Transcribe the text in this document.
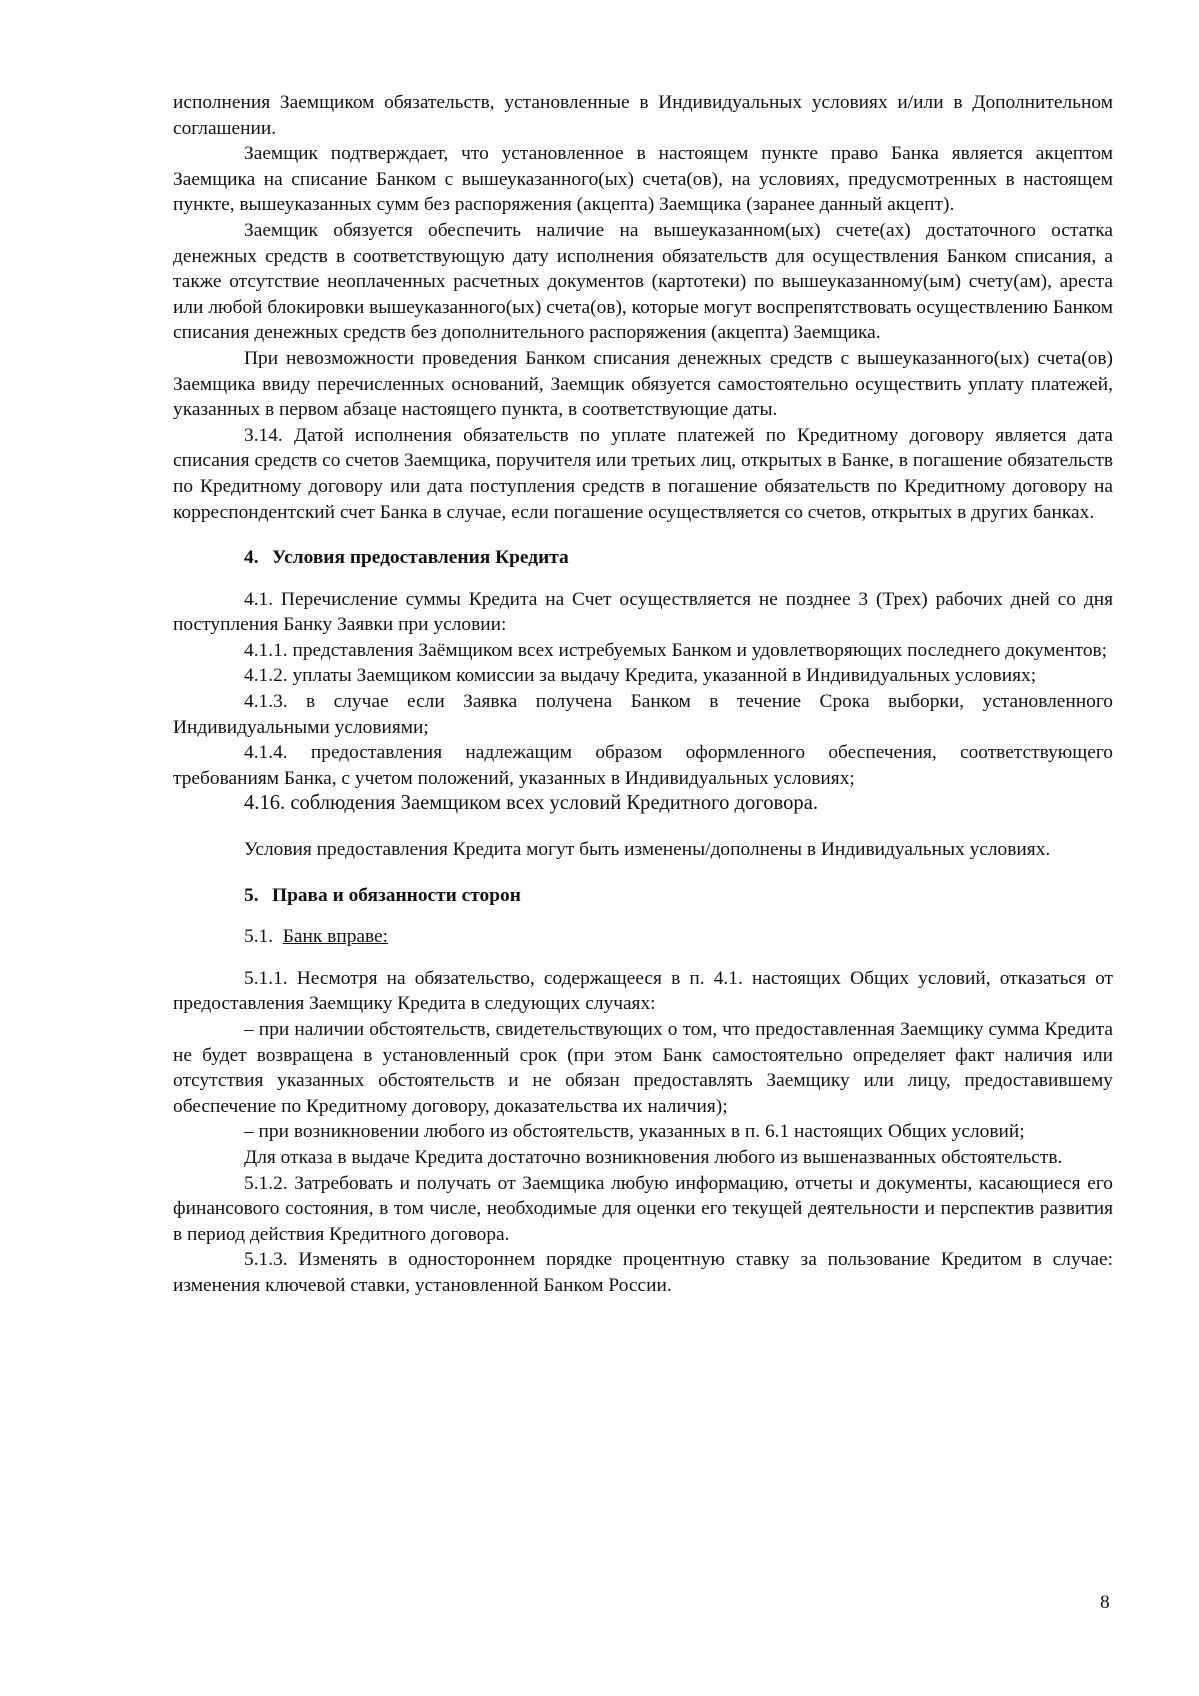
исполнения Заемщиком обязательств, установленные в Индивидуальных условиях и/или в Дополнительном соглашении.

Заемщик подтверждает, что установленное в настоящем пункте право Банка является акцептом Заемщика на списание Банком с вышеуказанного(ых) счета(ов), на условиях, предусмотренных в настоящем пункте, вышеуказанных сумм без распоряжения (акцепта) Заемщика (заранее данный акцепт).

Заемщик обязуется обеспечить наличие на вышеуказанном(ых) счете(ах) достаточного остатка денежных средств в соответствующую дату исполнения обязательств для осуществления Банком списания, а также отсутствие неоплаченных расчетных документов (картотеки) по вышеуказанному(ым) счету(ам), ареста или любой блокировки вышеуказанного(ых) счета(ов), которые могут воспрепятствовать осуществлению Банком списания денежных средств без дополнительного распоряжения (акцепта) Заемщика.

При невозможности проведения Банком списания денежных средств с вышеуказанного(ых) счета(ов) Заемщика ввиду перечисленных оснований, Заемщик обязуется самостоятельно осуществить уплату платежей, указанных в первом абзаце настоящего пункта, в соответствующие даты.

3.14. Датой исполнения обязательств по уплате платежей по Кредитному договору является дата списания средств со счетов Заемщика, поручителя или третьих лиц, открытых в Банке, в погашение обязательств по Кредитному договору или дата поступления средств в погашение обязательств по Кредитному договору на корреспондентский счет Банка в случае, если погашение осуществляется со счетов, открытых в других банках.

4. Условия предоставления Кредита

4.1. Перечисление суммы Кредита на Счет осуществляется не позднее 3 (Трех) рабочих дней со дня поступления Банку Заявки при условии:

4.1.1. представления Заёмщиком всех истребуемых Банком и удовлетворяющих последнего документов;

4.1.2. уплаты Заемщиком комиссии за выдачу Кредита, указанной в Индивидуальных условиях;

4.1.3. в случае если Заявка получена Банком в течение Срока выборки, установленного Индивидуальными условиями;

4.1.4. предоставления надлежащим образом оформленного обеспечения, соответствующего требованиям Банка, с учетом положений, указанных в Индивидуальных условиях;

4.16. соблюдения Заемщиком всех условий Кредитного договора.

Условия предоставления Кредита могут быть изменены/дополнены в Индивидуальных условиях.

5. Права и обязанности сторон

5.1. Банк вправе:

5.1.1. Несмотря на обязательство, содержащееся в п. 4.1. настоящих Общих условий, отказаться от предоставления Заемщику Кредита в следующих случаях:

– при наличии обстоятельств, свидетельствующих о том, что предоставленная Заемщику сумма Кредита не будет возвращена в установленный срок (при этом Банк самостоятельно определяет факт наличия или отсутствия указанных обстоятельств и не обязан предоставлять Заемщику или лицу, предоставившему обеспечение по Кредитному договору, доказательства их наличия);

– при возникновении любого из обстоятельств, указанных в п. 6.1 настоящих Общих условий;

Для отказа в выдаче Кредита достаточно возникновения любого из вышеназванных обстоятельств.

5.1.2. Затребовать и получать от Заемщика любую информацию, отчеты и документы, касающиеся его финансового состояния, в том числе, необходимые для оценки его текущей деятельности и перспектив развития в период действия Кредитного договора.

5.1.3. Изменять в одностороннем порядке процентную ставку за пользование Кредитом в случае: изменения ключевой ставки, установленной Банком России.

8
